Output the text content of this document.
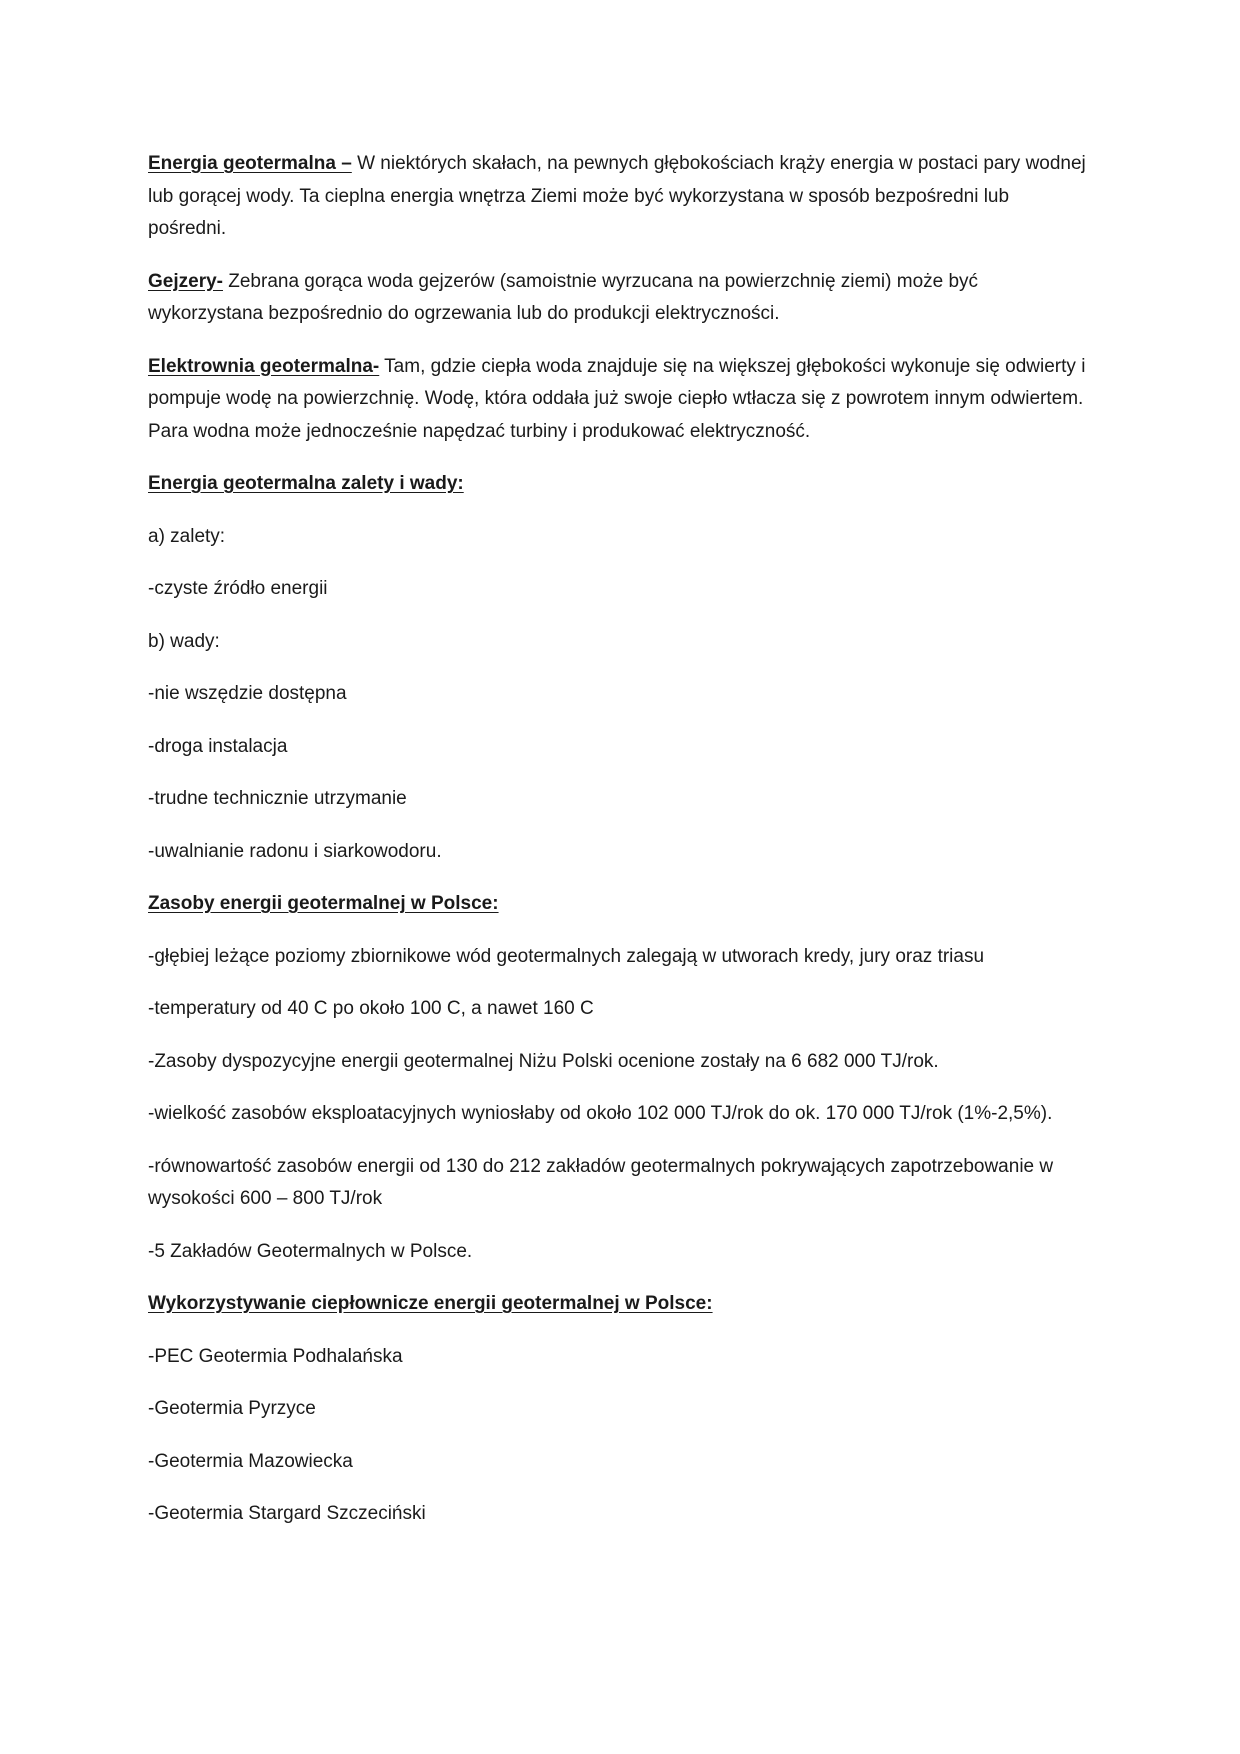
Energia geotermalna – W niektórych skałach, na pewnych głębokościach krąży energia w postaci pary wodnej lub gorącej wody. Ta cieplna energia wnętrza Ziemi może być wykorzystana w sposób bezpośredni lub pośredni.

Gejzery- Zebrana gorąca woda gejzerów (samoistnie wyrzucana na powierzchnię ziemi) może być wykorzystana bezpośrednio do ogrzewania lub do produkcji elektryczności.

Elektrownia geotermalna- Tam, gdzie ciepła woda znajduje się na większej głębokości wykonuje się odwierty i pompuje wodę na powierzchnię. Wodę, która oddała już swoje ciepło wtłacza się z powrotem innym odwiertem. Para wodna może jednocześnie napędzać turbiny i produkować elektryczność.

Energia geotermalna zalety i wady:

a) zalety:

-czyste źródło energii

b) wady:

-nie wszędzie dostępna

-droga instalacja

-trudne technicznie utrzymanie

-uwalnianie radonu i siarkowodoru.

Zasoby energii geotermalnej w Polsce:

-głębiej leżące poziomy zbiornikowe wód geotermalnych zalegają w utworach kredy, jury oraz triasu

-temperatury od 40 C po około 100 C, a nawet 160 C

-Zasoby dyspozycyjne energii geotermalnej Niżu Polski ocenione zostały na 6 682 000 TJ/rok.

-wielkość zasobów eksploatacyjnych wyniosłaby od około 102 000 TJ/rok do ok. 170 000 TJ/rok (1%-2,5%).

-równowartość zasobów energii od 130 do 212 zakładów geotermalnych pokrywających zapotrzebowanie w wysokości 600 – 800 TJ/rok

-5 Zakładów Geotermalnych w Polsce.

Wykorzystywanie ciepłownicze energii geotermalnej w Polsce:

-PEC Geotermia Podhalańska

-Geotermia Pyrzyce

-Geotermia Mazowiecka

-Geotermia Stargard Szczeciński
